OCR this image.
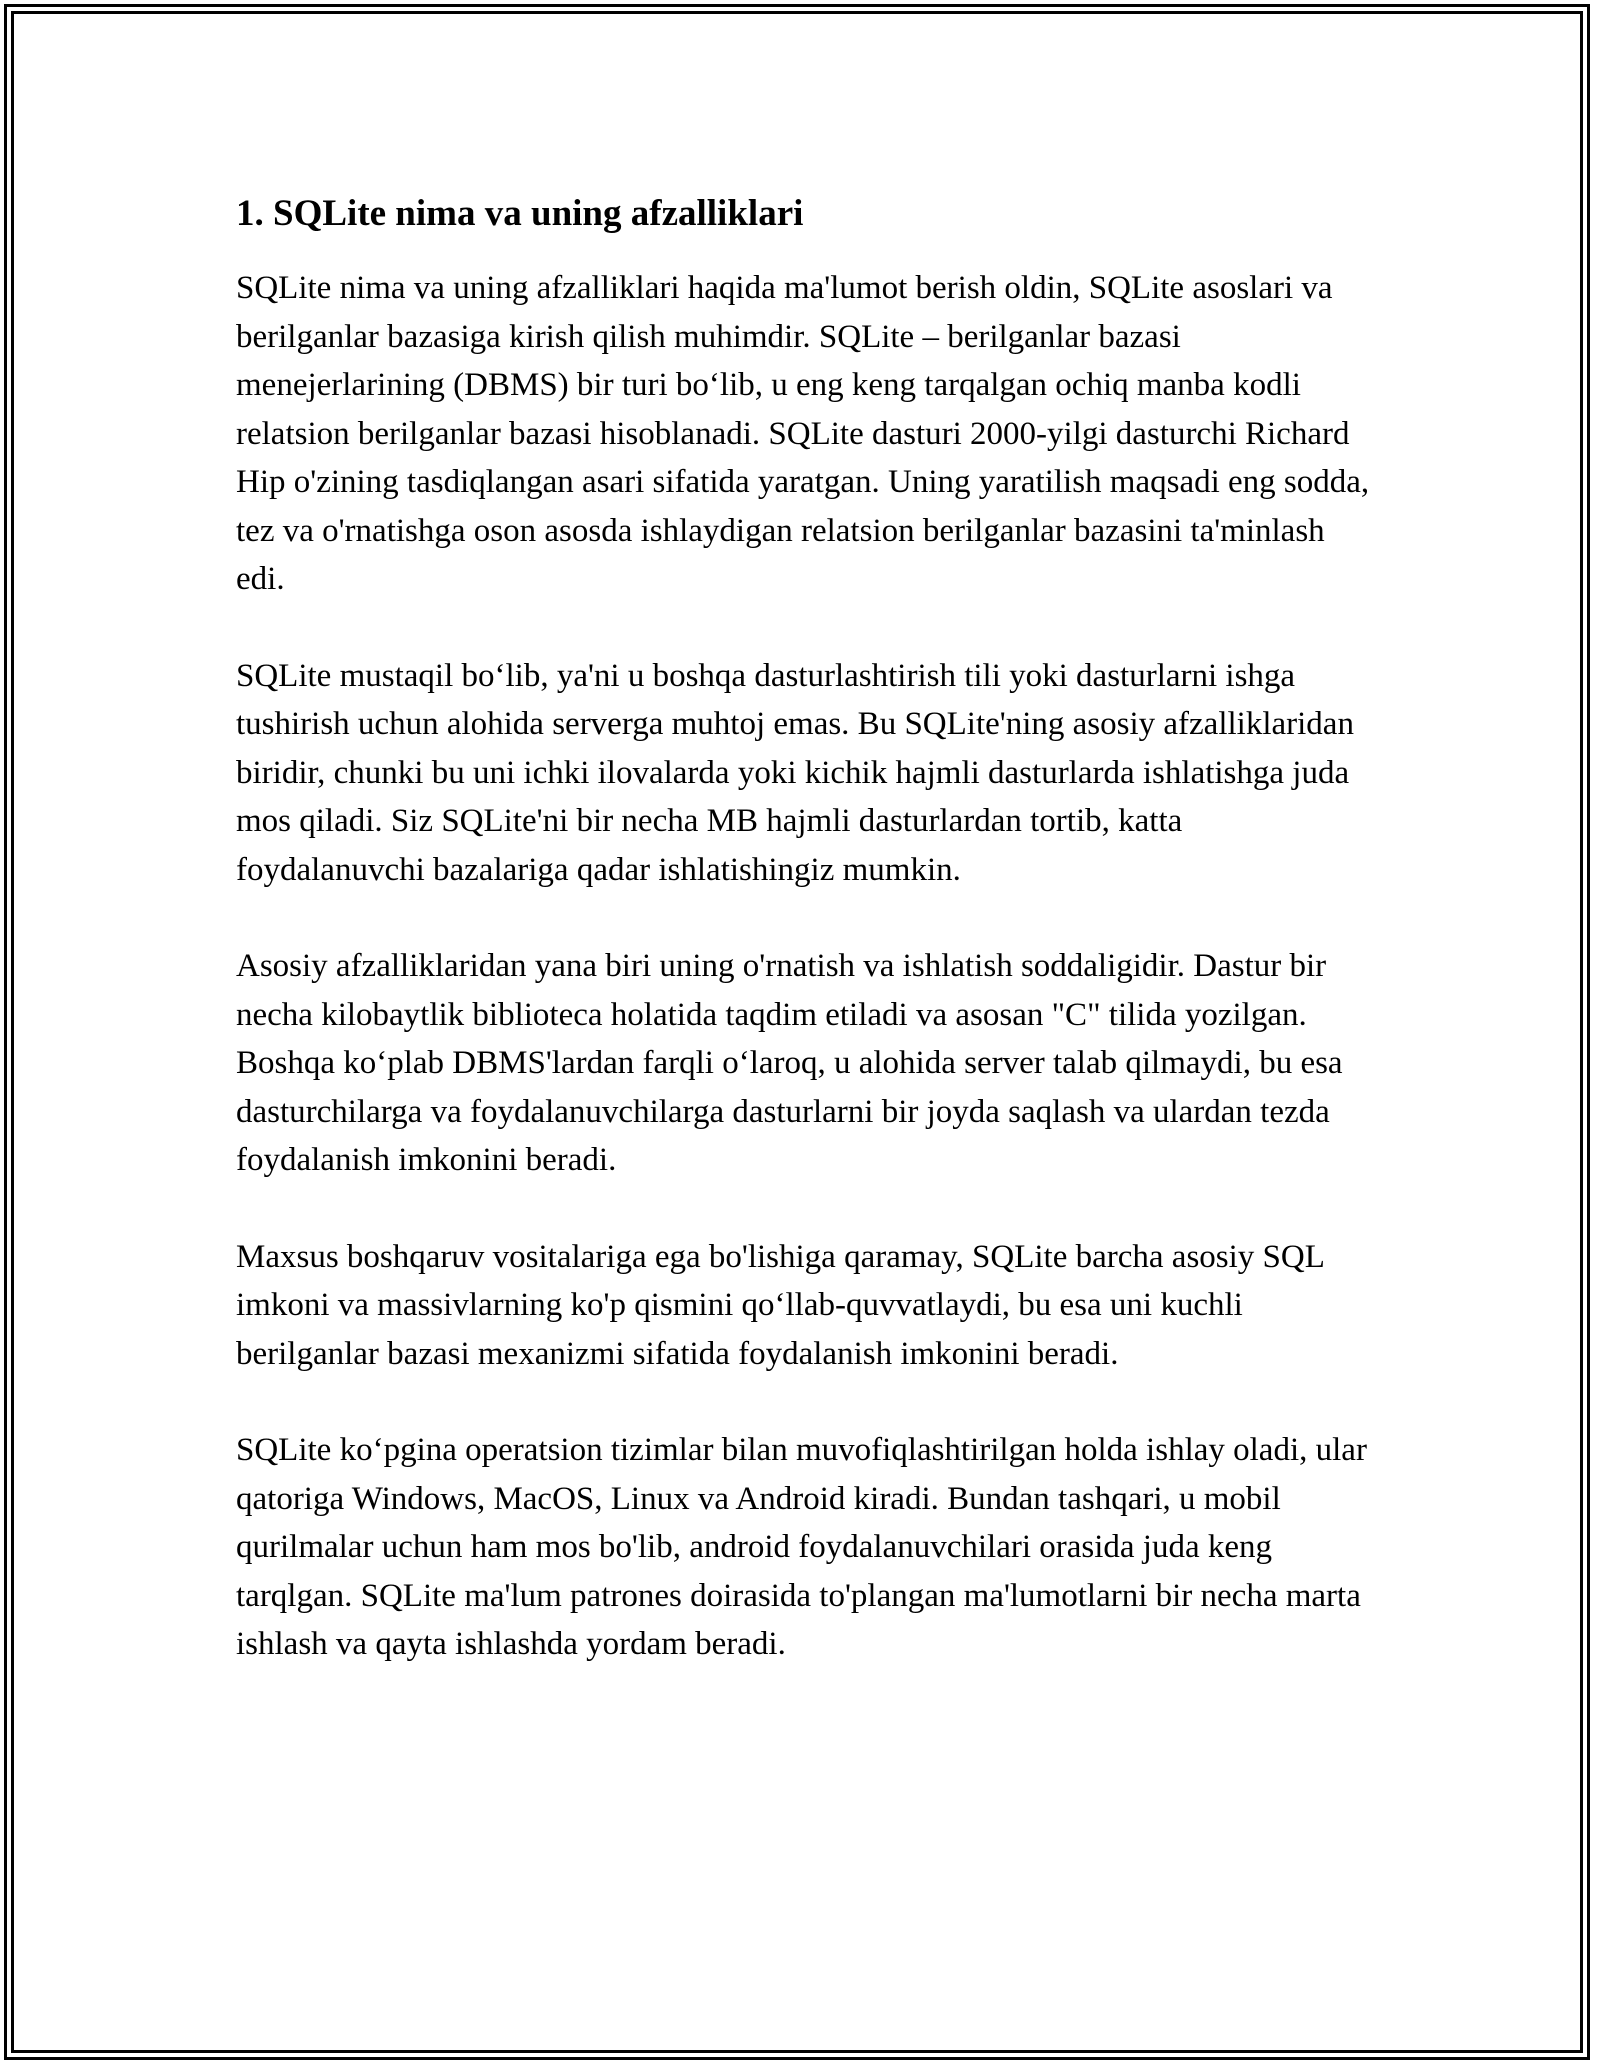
1. SQLite nima va uning afzalliklari

SQLite nima va uning afzalliklari haqida ma'lumot berish oldin, SQLite asoslari va berilganlar bazasiga kirish qilish muhimdir. SQLite – berilganlar bazasi menejerlarining (DBMS) bir turi bo‘lib, u eng keng tarqalgan ochiq manba kodli relatsion berilganlar bazasi hisoblanadi. SQLite dasturi 2000-yilgi dasturchi Richard Hip o'zining tasdiqlangan asari sifatida yaratgan. Uning yaratilish maqsadi eng sodda, tez va o'rnatishga oson asosda ishlaydigan relatsion berilganlar bazasini ta'minlash edi.

SQLite mustaqil bo‘lib, ya'ni u boshqa dasturlashtirish tili yoki dasturlarni ishga tushirish uchun alohida serverga muhtoj emas. Bu SQLite'ning asosiy afzalliklaridan biridir, chunki bu uni ichki ilovalarda yoki kichik hajmli dasturlarda ishlatishga juda mos qiladi. Siz SQLite'ni bir necha MB hajmli dasturlardan tortib, katta foydalanuvchi bazalariga qadar ishlatishingiz mumkin.

Asosiy afzalliklaridan yana biri uning o'rnatish va ishlatish soddaligidir. Dastur bir necha kilobaytlik biblioteca holatida taqdim etiladi va asosan "C" tilida yozilgan. Boshqa ko‘plab DBMS'lardan farqli o‘laroq, u alohida server talab qilmaydi, bu esa dasturchilarga va foydalanuvchilarga dasturlarni bir joyda saqlash va ulardan tezda foydalanish imkonini beradi.

Maxsus boshqaruv vositalariga ega bo'lishiga qaramay, SQLite barcha asosiy SQL imkoni va massivlarning ko'p qismini qo‘llab-quvvatlaydi, bu esa uni kuchli berilganlar bazasi mexanizmi sifatida foydalanish imkonini beradi.

SQLite ko‘pgina operatsion tizimlar bilan muvofiqlashtirilgan holda ishlay oladi, ular qatoriga Windows, MacOS, Linux va Android kiradi. Bundan tashqari, u mobil qurilmalar uchun ham mos bo'lib, android foydalanuvchilari orasida juda keng tarqlgan. SQLite ma'lum patrones doirasida to'plangan ma'lumotlarni bir necha marta ishlash va qayta ishlashda yordam beradi.
